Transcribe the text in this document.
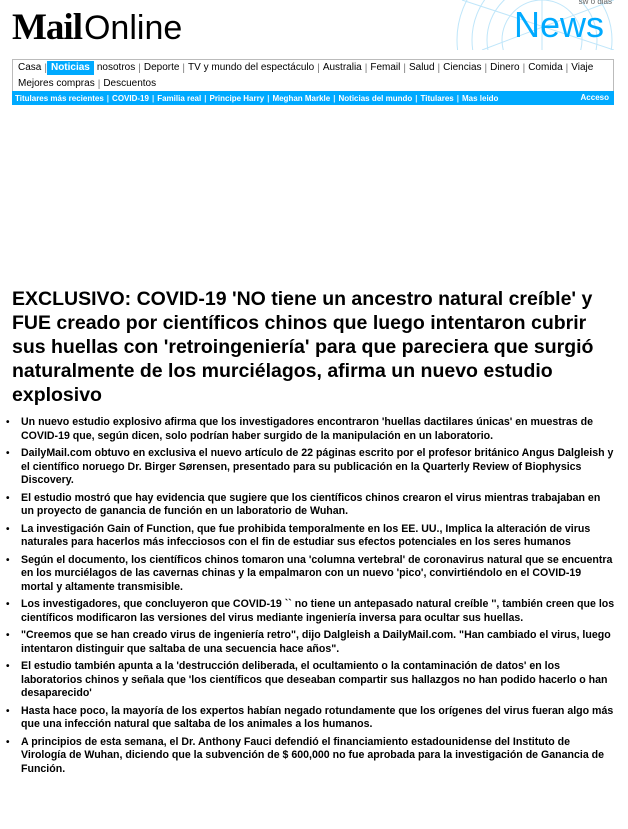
Mail Online
sw o dias
News
Casa | Noticias nosotros | Deporte | TV y mundo del espectáculo | Australia | Femail | Salud | Ciencias | Dinero | Comida | Viaje
Mejores compras | Descuentos
Titulares más recientes | COVID-19 | Familia real | Principe Harry | Meghan Markle | Noticias del mundo | Titulares | Mas leido	Acceso
EXCLUSIVO: COVID-19 'NO tiene un ancestro natural creíble' y FUE creado por científicos chinos que luego intentaron cubrir sus huellas con 'retroingeniería' para que pareciera que surgió naturalmente de los murciélagos, afirma un nuevo estudio explosivo
• Un nuevo estudio explosivo afirma que los investigadores encontraron 'huellas dactilares únicas' en muestras de COVID-19 que, según dicen, solo podrían haber surgido de la manipulación en un laboratorio.
• DailyMail.com obtuvo en exclusiva el nuevo artículo de 22 páginas escrito por el profesor británico Angus Dalgleish y el científico noruego Dr. Birger Sørensen, presentado para su publicación en la Quarterly Review of Biophysics Discovery.
• El estudio mostró que hay evidencia que sugiere que los científicos chinos crearon el virus mientras trabajaban en un proyecto de ganancia de función en un laboratorio de Wuhan.
• La investigación Gain of Function, que fue prohibida temporalmente en los EE. UU., Implica la alteración de virus naturales para hacerlos más infecciosos con el fin de estudiar sus efectos potenciales en los seres humanos
• Según el documento, los científicos chinos tomaron una 'columna vertebral' de coronavirus natural que se encuentra en los murciélagos de las cavernas chinas y la empalmaron con un nuevo 'pico', convirtiéndolo en el COVID-19 mortal y altamente transmisible.
• Los investigadores, que concluyeron que COVID-19 `` no tiene un antepasado natural creíble '', también creen que los científicos modificaron las versiones del virus mediante ingeniería inversa para ocultar sus huellas.
• "Creemos que se han creado virus de ingeniería retro", dijo Dalgleish a DailyMail.com. "Han cambiado el virus, luego intentaron distinguir que saltaba de una secuencia hace años".
• El estudio también apunta a la 'destrucción deliberada, el ocultamiento o la contaminación de datos' en los laboratorios chinos y señala que 'los científicos que deseaban compartir sus hallazgos no han podido hacerlo o han desaparecido'
• Hasta hace poco, la mayoría de los expertos habían negado rotundamente que los orígenes del virus fueran algo más que una infección natural que saltaba de los animales a los humanos.
• A principios de esta semana, el Dr. Anthony Fauci defendió el financiamiento estadounidense del Instituto de Virología de Wuhan, diciendo que la subvención de $ 600,000 no fue aprobada para la investigación de Ganancia de Función.
